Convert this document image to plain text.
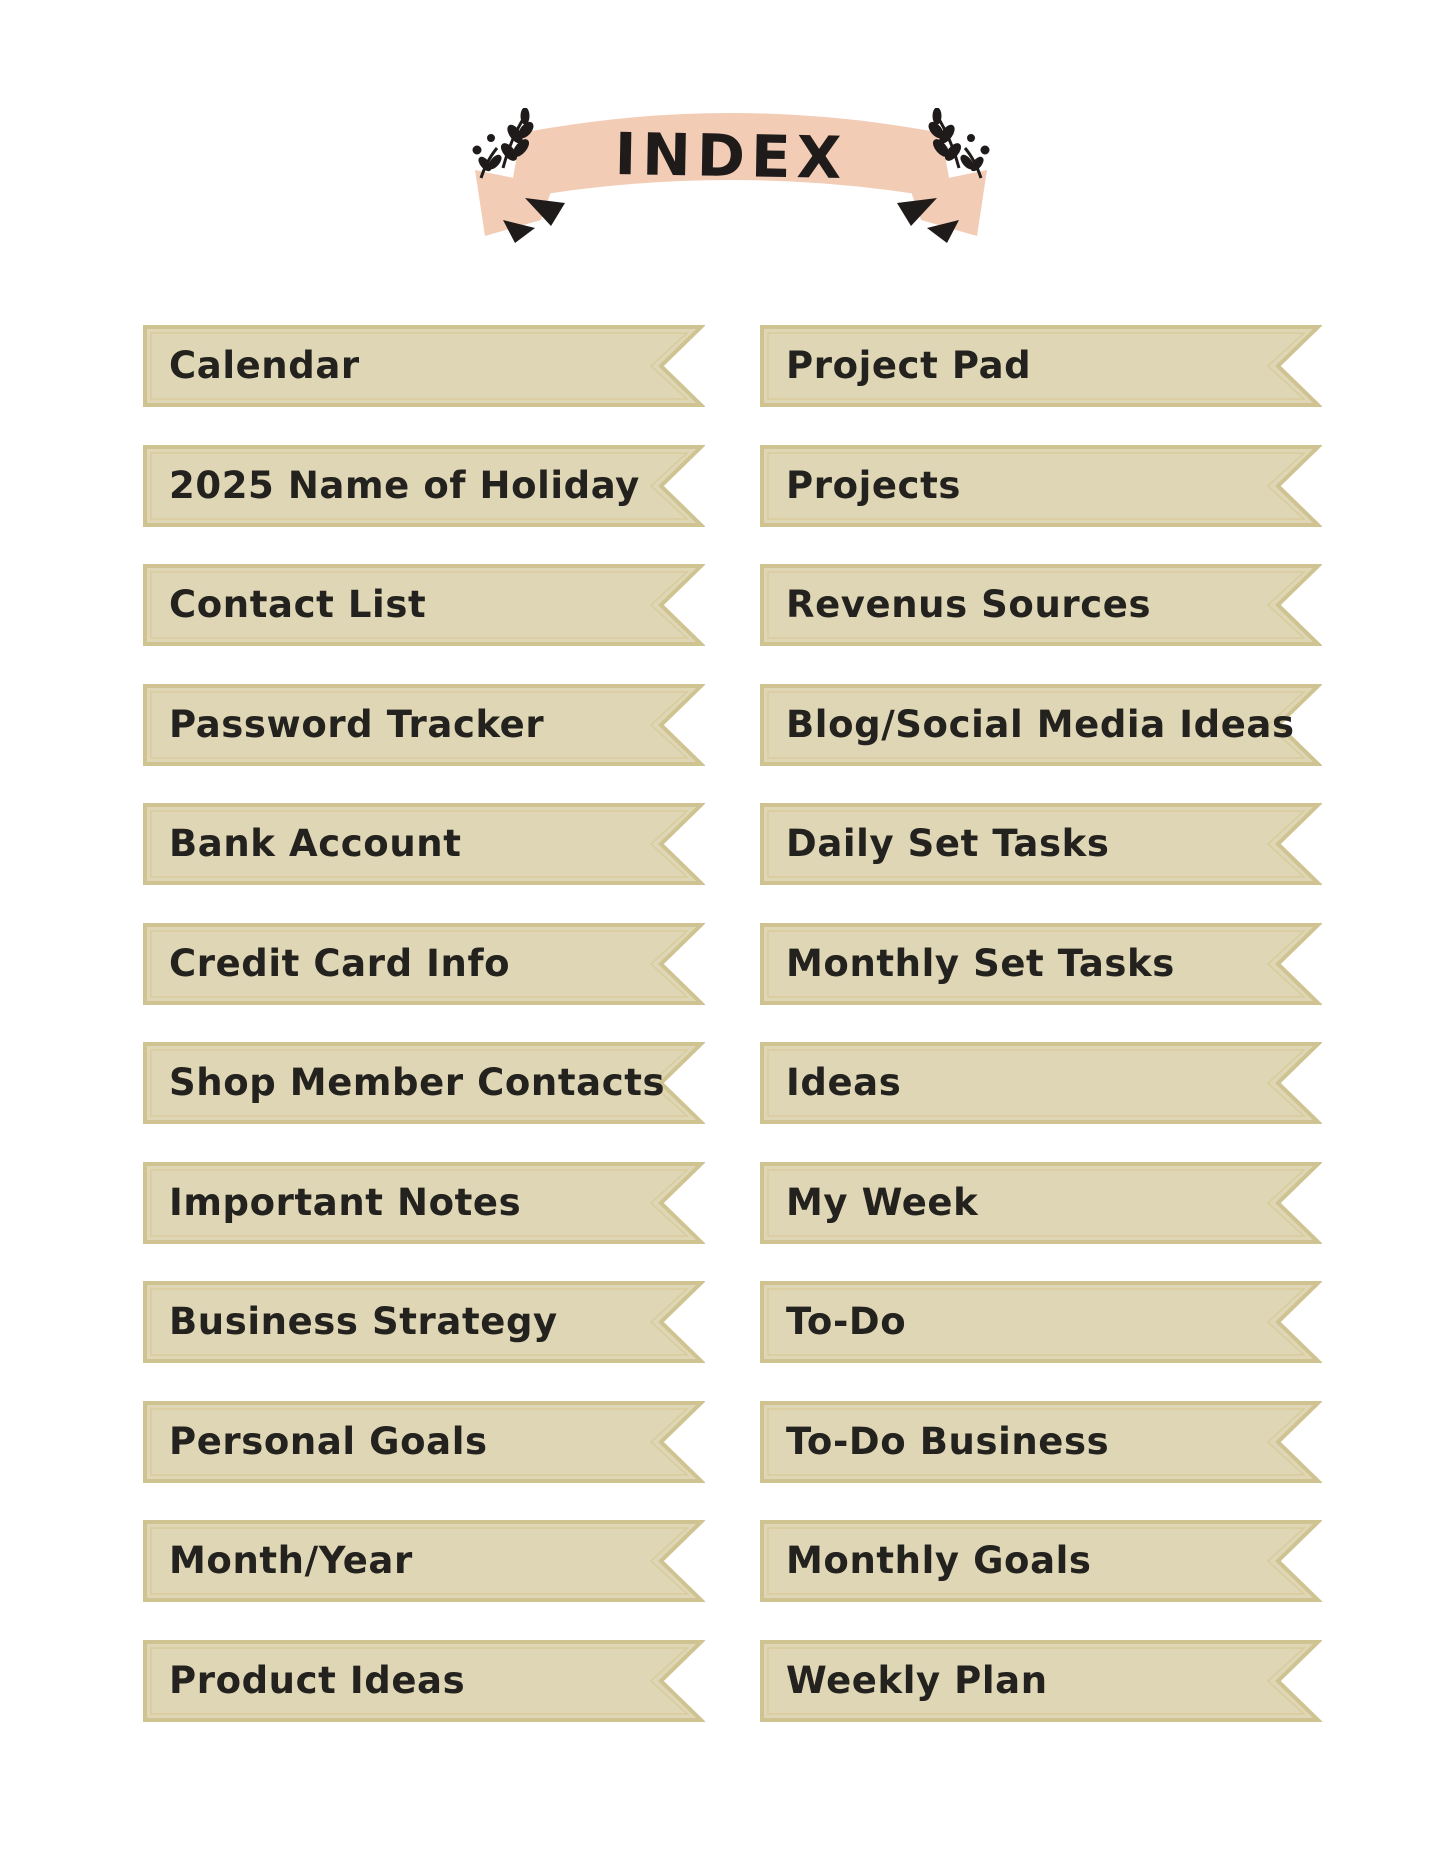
INDEX
Calendar
2025 Name of Holiday
Contact List
Password Tracker
Bank Account
Credit Card Info
Shop Member Contacts
Important Notes
Business Strategy
Personal Goals
Month/Year
Product Ideas
Project Pad
Projects
Revenus Sources
Blog/Social Media Ideas
Daily Set Tasks
Monthly Set Tasks
Ideas
My Week
To-Do
To-Do Business
Monthly Goals
Weekly Plan
